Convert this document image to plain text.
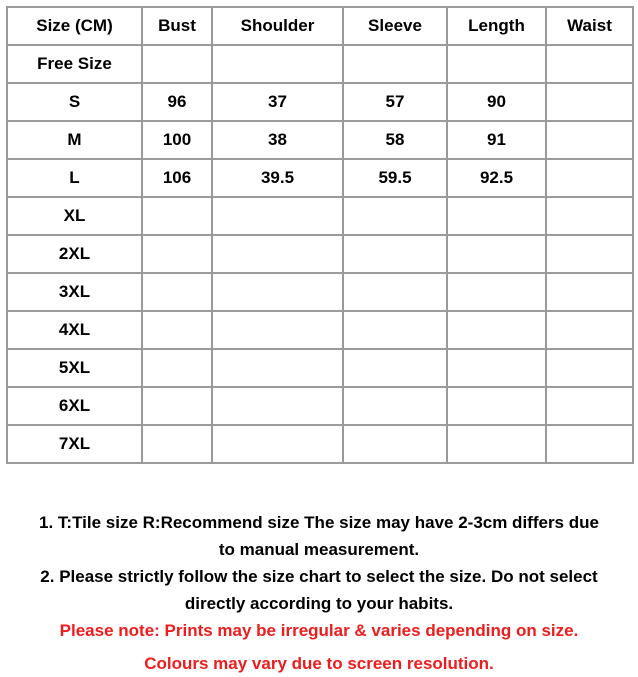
Size (CM)	Bust	Shoulder	Sleeve	Length	Waist
Free Size					
S	96	37	57	90	
M	100	38	58	91	
L	106	39.5	59.5	92.5	
XL					
2XL					
3XL					
4XL					
5XL					
6XL					
7XL					
1. T:Tile size R:Recommend size The size may have 2-3cm differs due
to manual measurement.
2. Please strictly follow the size chart to select the size. Do not select
directly according to your habits.
Please note: Prints may be irregular & varies depending on size.
Colours may vary due to screen resolution.
